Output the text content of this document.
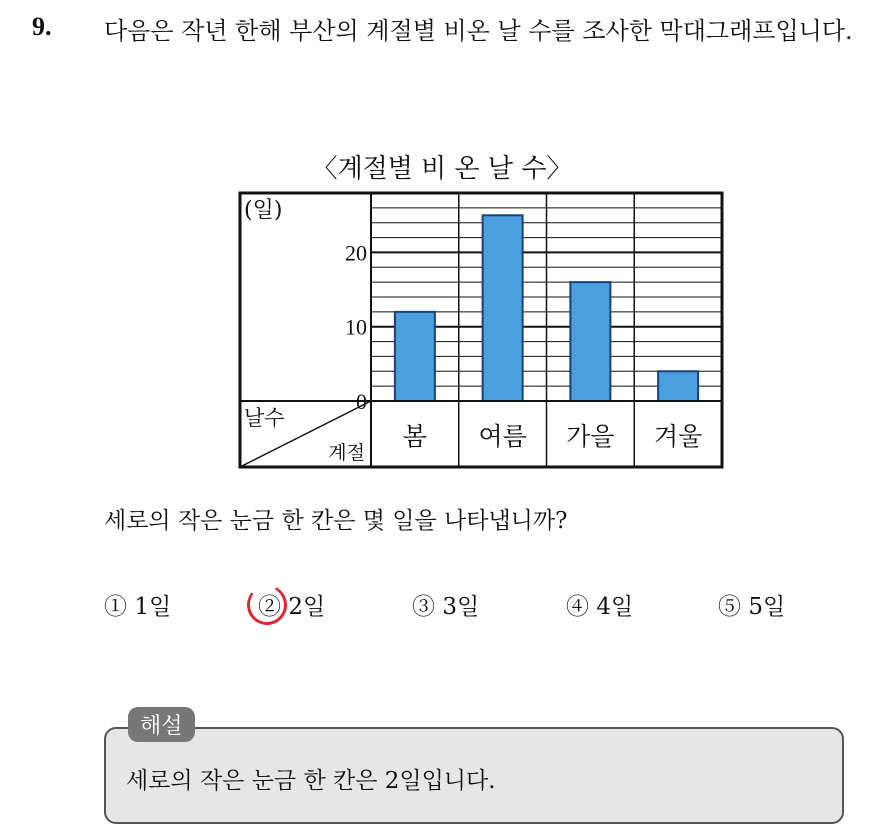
9. 다음은 작년 한해 부산의 계절별 비온 날 수를 조사한 막대그래프입니다.
〈계절별 비 온 날 수〉
0
10
20
(일)
날수
계절
봄 여름 가을 겨울
세로의 작은 눈금 한 칸은 몇 일을 나타냅니까?
① 1일	② 2일	③ 3일	④ 4일	⑤ 5일
해설
세로의 작은 눈금 한 칸은 2일입니다.
